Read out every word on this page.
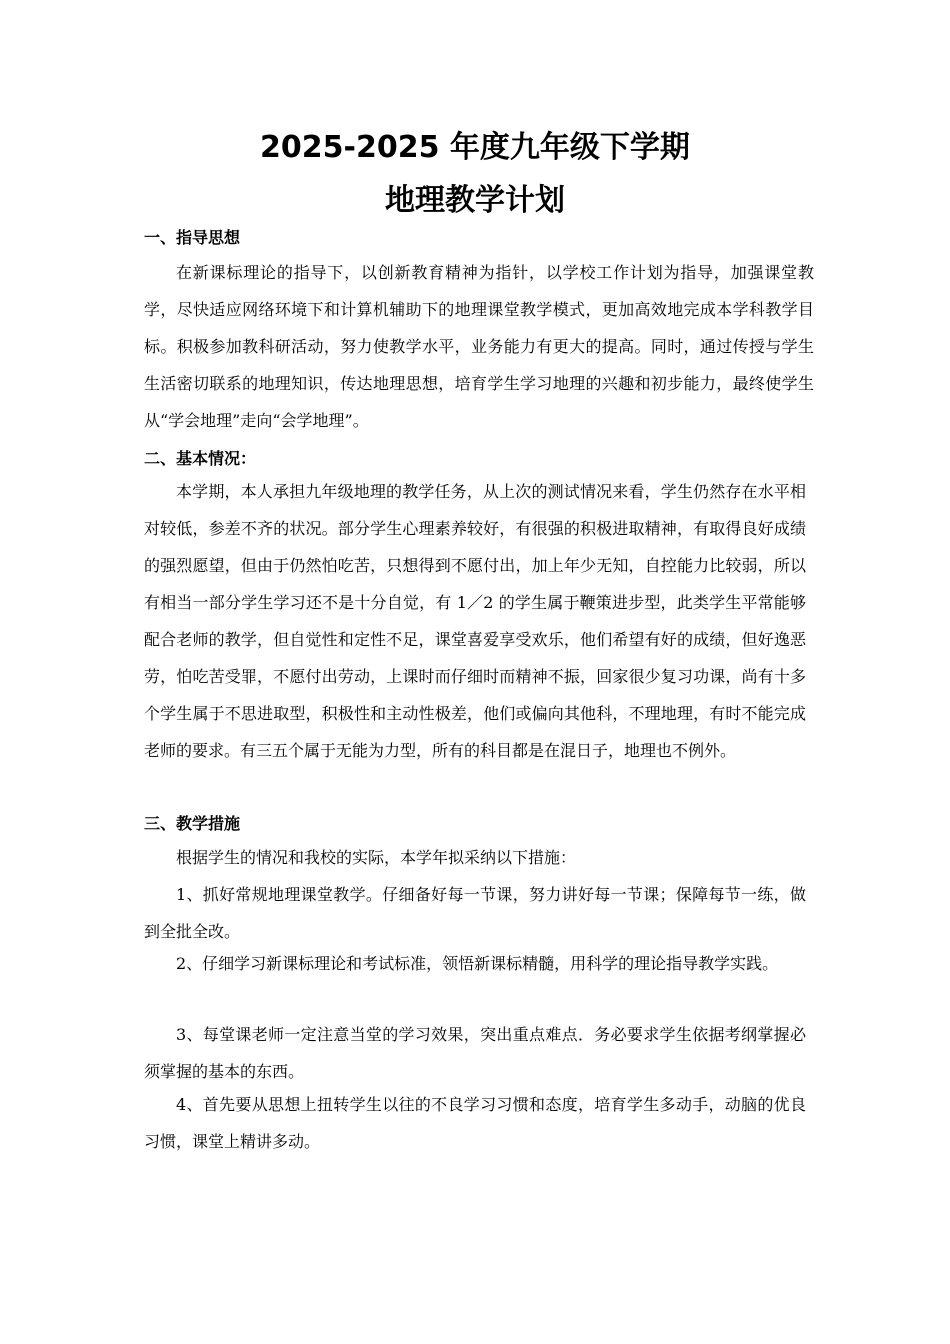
2025-2025 年度九年级下学期
地理教学计划
一、指导思想
在新课标理论的指导下，以创新教育精神为指针，以学校工作计划为指导，加强课堂教学，尽快适应网络环境下和计算机辅助下的地理课堂教学模式，更加高效地完成本学科教学目标。积极参加教科研活动，努力使教学水平，业务能力有更大的提高。同时，通过传授与学生生活密切联系的地理知识，传达地理思想，培育学生学习地理的兴趣和初步能力，最终使学生从“学会地理”走向“会学地理”。
二、基本情况：
本学期，本人承担九年级地理的教学任务，从上次的测试情况来看，学生仍然存在水平相对较低，参差不齐的状况。部分学生心理素养较好，有很强的积极进取精神，有取得良好成绩的强烈愿望，但由于仍然怕吃苦，只想得到不愿付出，加上年少无知，自控能力比较弱，所以有相当一部分学生学习还不是十分自觉，有 1／2 的学生属于鞭策进步型，此类学生平常能够配合老师的教学，但自觉性和定性不足，课堂喜爱享受欢乐，他们希望有好的成绩，但好逸恶劳，怕吃苦受罪，不愿付出劳动，上课时而仔细时而精神不振，回家很少复习功课，尚有十多个学生属于不思进取型，积极性和主动性极差，他们或偏向其他科，不理地理，有时不能完成老师的要求。有三五个属于无能为力型，所有的科目都是在混日子，地理也不例外。
三、教学措施
根据学生的情况和我校的实际，本学年拟采纳以下措施：
1、抓好常规地理课堂教学。仔细备好每一节课，努力讲好每一节课；保障每节一练，做到全批全改。
2、仔细学习新课标理论和考试标准，领悟新课标精髓，用科学的理论指导教学实践。
3、每堂课老师一定注意当堂的学习效果，突出重点难点．务必要求学生依据考纲掌握必须掌握的基本的东西。
4、首先要从思想上扭转学生以往的不良学习习惯和态度，培育学生多动手，动脑的优良习惯，课堂上精讲多动。
